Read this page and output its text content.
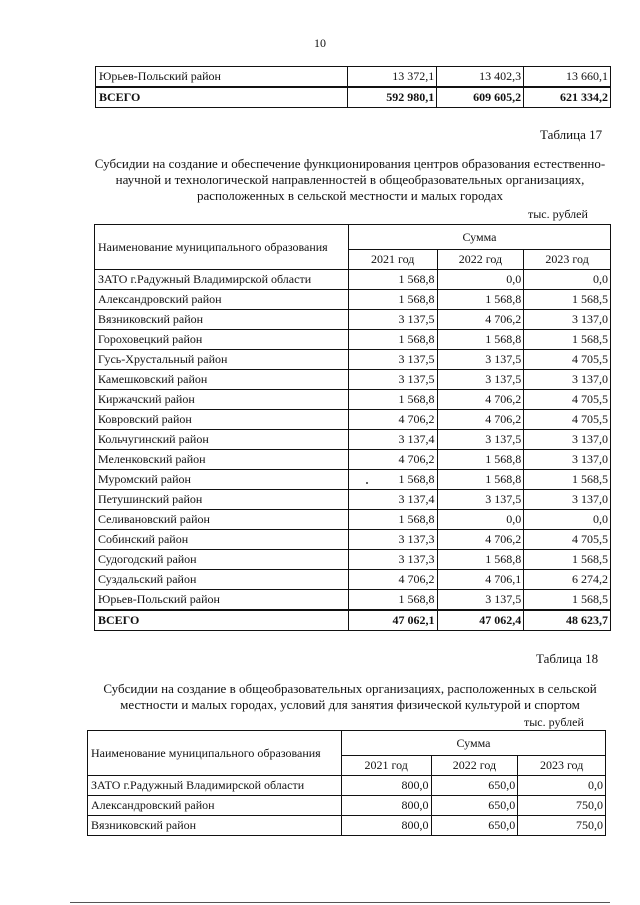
10
Юрьев-Польский район	13 372,1	13 402,3	13 660,1
ВСЕГО	592 980,1	609 605,2	621 334,2
Таблица 17
Субсидии на создание и обеспечение функционирования центров образования естественно-
научной и технологической направленностей в общеобразовательных организациях,
расположенных в сельской местности и малых городах
тыс. рублей
Наименование муниципального образования	Сумма		
	2021 год	2022 год	2023 год
ЗАТО г.Радужный Владимирской области	1 568,8	0,0	0,0
Александровский район	1 568,8	1 568,8	1 568,5
Вязниковский район	3 137,5	4 706,2	3 137,0
Гороховецкий район	1 568,8	1 568,8	1 568,5
Гусь-Хрустальный район	3 137,5	3 137,5	4 705,5
Камешковский район	3 137,5	3 137,5	3 137,0
Киржачский район	1 568,8	4 706,2	4 705,5
Ковровский район	4 706,2	4 706,2	4 705,5
Кольчугинский район	3 137,4	3 137,5	3 137,0
Меленковский район	4 706,2	1 568,8	3 137,0
Муромский район	1 568,8	1 568,8	1 568,5
Петушинский район	3 137,4	3 137,5	3 137,0
Селивановский район	1 568,8	0,0	0,0
Собинский район	3 137,3	4 706,2	4 705,5
Судогодский район	3 137,3	1 568,8	1 568,5
Суздальский район	4 706,2	4 706,1	6 274,2
Юрьев-Польский район	1 568,8	3 137,5	1 568,5
ВСЕГО	47 062,1	47 062,4	48 623,7
Таблица 18
Субсидии на создание в общеобразовательных организациях, расположенных в сельской
местности и малых городах, условий для занятия физической культурой и спортом
тыс. рублей
Наименование муниципального образования	Сумма		
	2021 год	2022 год	2023 год
ЗАТО г.Радужный Владимирской области	800,0	650,0	0,0
Александровский район	800,0	650,0	750,0
Вязниковский район	800,0	650,0	750,0
